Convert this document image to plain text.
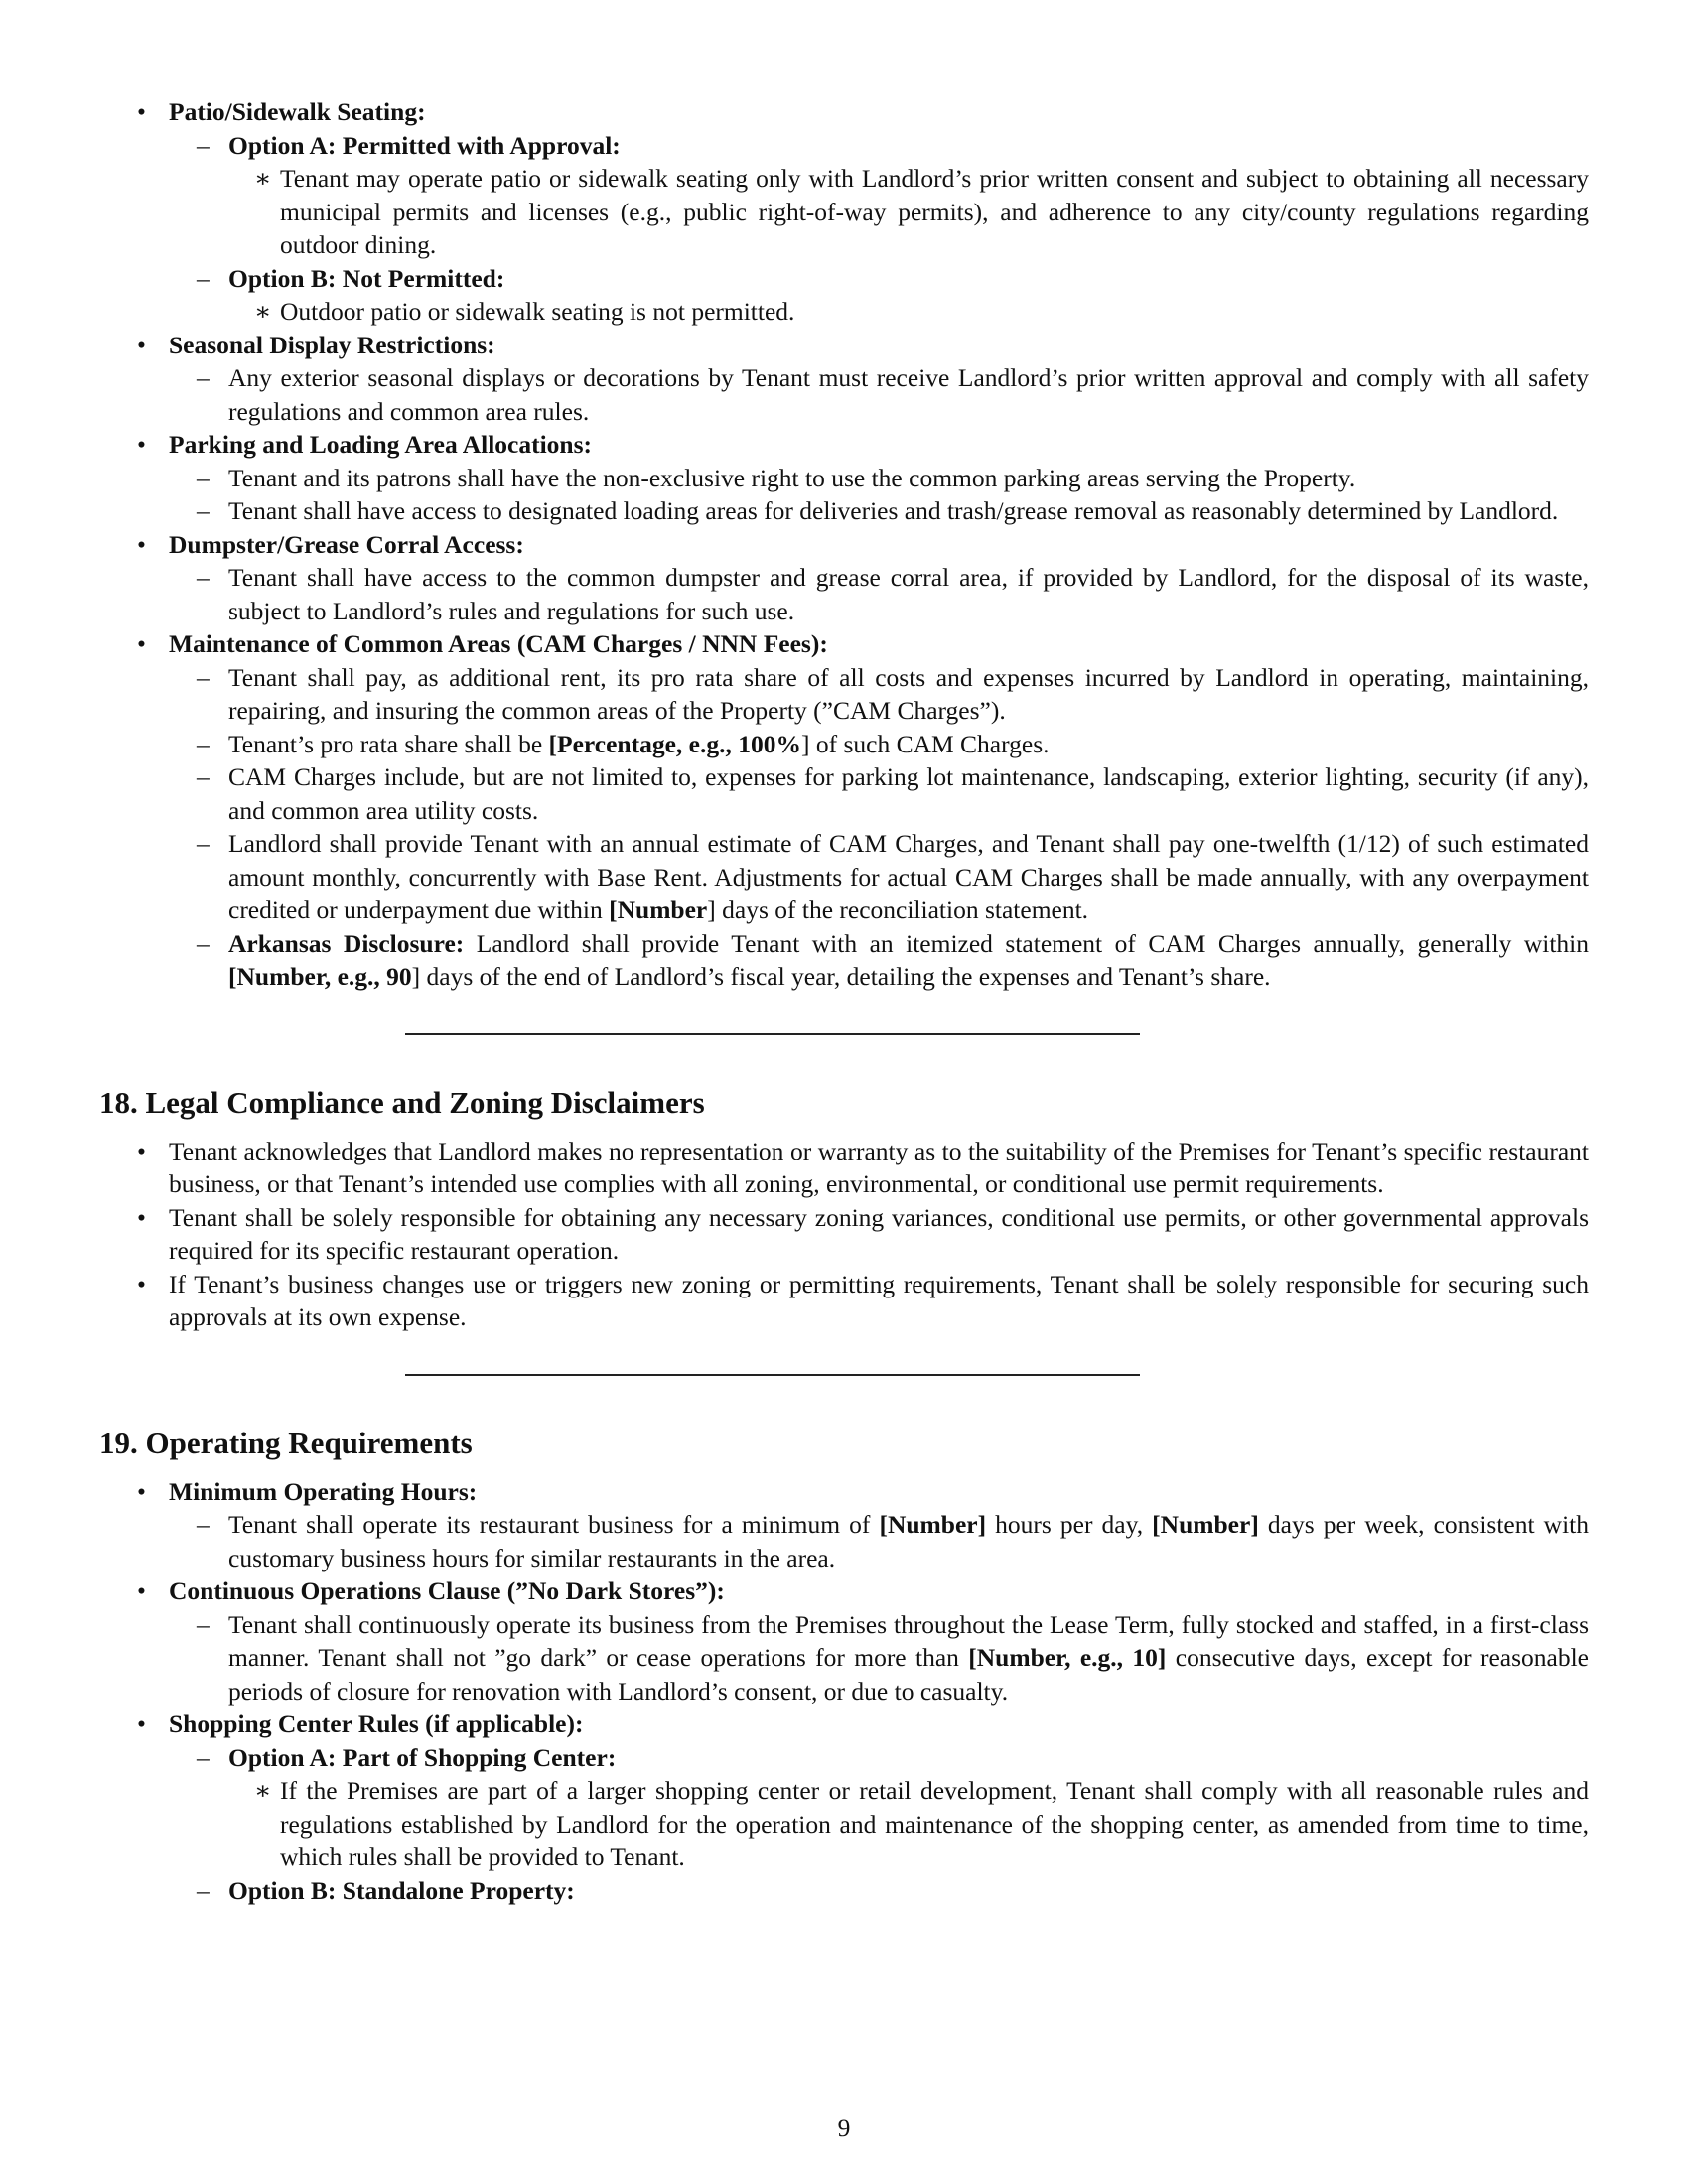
• Patio/Sidewalk Seating:
– Option A: Permitted with Approval:
∗ Tenant may operate patio or sidewalk seating only with Landlord’s prior written consent and subject to obtaining all necessary municipal permits and licenses (e.g., public right-of-way permits), and adherence to any city/county regulations regarding outdoor dining.
– Option B: Not Permitted:
∗ Outdoor patio or sidewalk seating is not permitted.
• Seasonal Display Restrictions:
– Any exterior seasonal displays or decorations by Tenant must receive Landlord’s prior written approval and comply with all safety regulations and common area rules.
• Parking and Loading Area Allocations:
– Tenant and its patrons shall have the non-exclusive right to use the common parking areas serving the Property.
– Tenant shall have access to designated loading areas for deliveries and trash/grease removal as reasonably determined by Landlord.
• Dumpster/Grease Corral Access:
– Tenant shall have access to the common dumpster and grease corral area, if provided by Landlord, for the disposal of its waste, subject to Landlord’s rules and regulations for such use.
• Maintenance of Common Areas (CAM Charges / NNN Fees):
– Tenant shall pay, as additional rent, its pro rata share of all costs and expenses incurred by Landlord in operating, maintaining, repairing, and insuring the common areas of the Property (”CAM Charges”).
– Tenant’s pro rata share shall be [Percentage, e.g., 100%] of such CAM Charges.
– CAM Charges include, but are not limited to, expenses for parking lot maintenance, landscaping, exterior lighting, security (if any), and common area utility costs.
– Landlord shall provide Tenant with an annual estimate of CAM Charges, and Tenant shall pay one-twelfth (1/12) of such estimated amount monthly, concurrently with Base Rent. Adjustments for actual CAM Charges shall be made annually, with any overpayment credited or underpayment due within [Number] days of the reconciliation statement.
– Arkansas Disclosure: Landlord shall provide Tenant with an itemized statement of CAM Charges annually, generally within [Number, e.g., 90] days of the end of Landlord’s fiscal year, detailing the expenses and Tenant’s share.
18. Legal Compliance and Zoning Disclaimers
• Tenant acknowledges that Landlord makes no representation or warranty as to the suitability of the Premises for Tenant’s specific restaurant business, or that Tenant’s intended use complies with all zoning, environmental, or conditional use permit requirements.
• Tenant shall be solely responsible for obtaining any necessary zoning variances, conditional use permits, or other governmental approvals required for its specific restaurant operation.
• If Tenant’s business changes use or triggers new zoning or permitting requirements, Tenant shall be solely responsible for securing such approvals at its own expense.
19. Operating Requirements
• Minimum Operating Hours:
– Tenant shall operate its restaurant business for a minimum of [Number] hours per day, [Number] days per week, consistent with customary business hours for similar restaurants in the area.
• Continuous Operations Clause (”No Dark Stores”):
– Tenant shall continuously operate its business from the Premises throughout the Lease Term, fully stocked and staffed, in a first-class manner. Tenant shall not ”go dark” or cease operations for more than [Number, e.g., 10] consecutive days, except for reasonable periods of closure for renovation with Landlord’s consent, or due to casualty.
• Shopping Center Rules (if applicable):
– Option A: Part of Shopping Center:
∗ If the Premises are part of a larger shopping center or retail development, Tenant shall comply with all reasonable rules and regulations established by Landlord for the operation and maintenance of the shopping center, as amended from time to time, which rules shall be provided to Tenant.
– Option B: Standalone Property:
9
